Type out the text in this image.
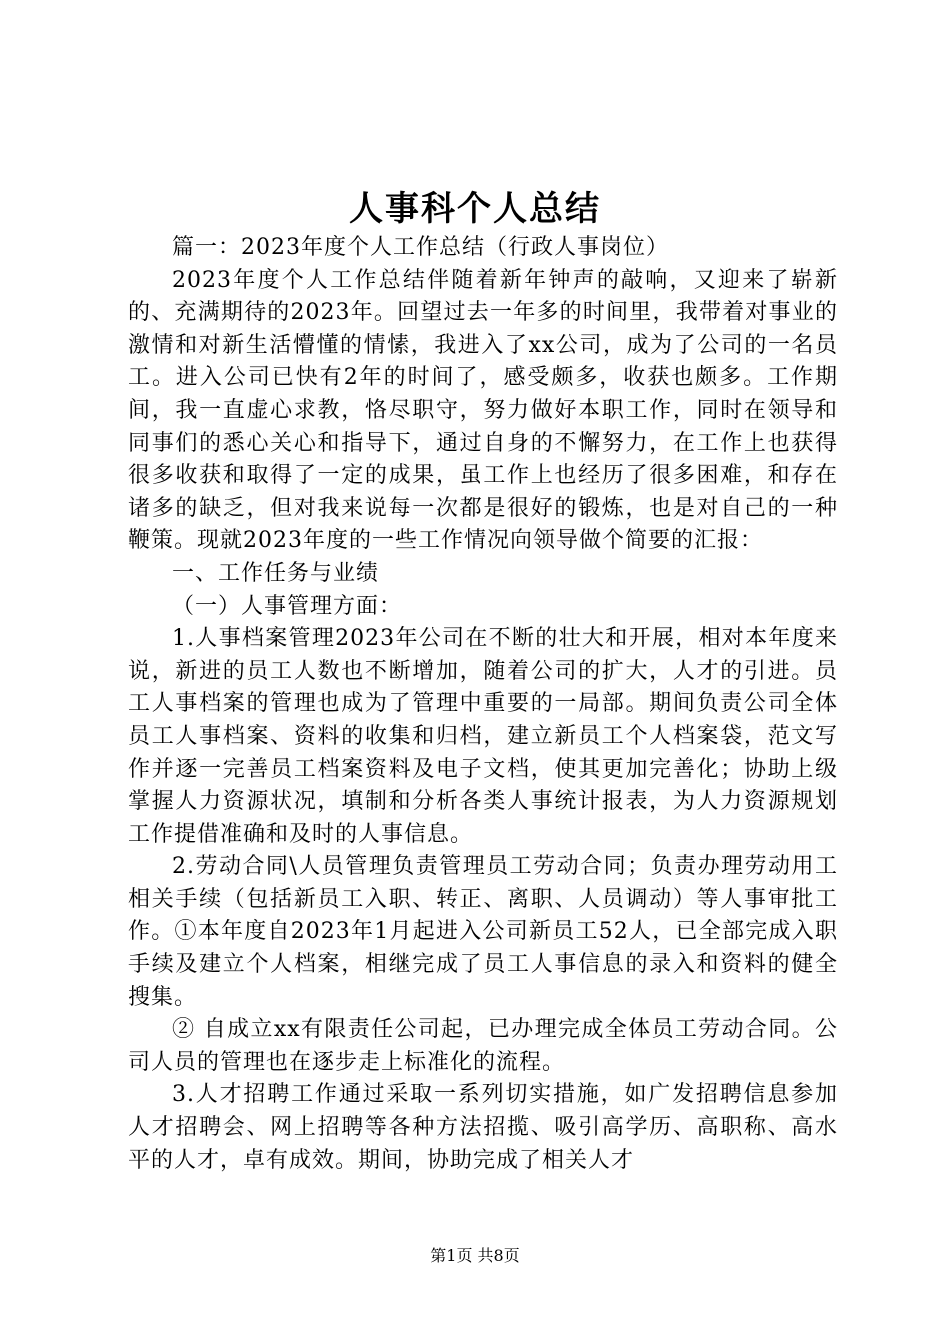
人事科个人总结

篇一：2023年度个人工作总结（行政人事岗位）

2023年度个人工作总结伴随着新年钟声的敲响，又迎来了崭新的、充满期待的2023年。回望过去一年多的时间里，我带着对事业的激情和对新生活懵懂的情愫，我进入了xx公司，成为了公司的一名员工。进入公司已快有2年的时间了，感受颇多，收获也颇多。工作期间，我一直虚心求教，恪尽职守，努力做好本职工作，同时在领导和同事们的悉心关心和指导下，通过自身的不懈努力，在工作上也获得很多收获和取得了一定的成果，虽工作上也经历了很多困难，和存在诸多的缺乏，但对我来说每一次都是很好的锻炼，也是对自己的一种鞭策。现就2023年度的一些工作情况向领导做个简要的汇报：

一、工作任务与业绩

（一）人事管理方面：

1.人事档案管理2023年公司在不断的壮大和开展，相对本年度来说，新进的员工人数也不断增加，随着公司的扩大，人才的引进。员工人事档案的管理也成为了管理中重要的一局部。期间负责公司全体员工人事档案、资料的收集和归档，建立新员工个人档案袋，范文写作并逐一完善员工档案资料及电子文档，使其更加完善化；协助上级掌握人力资源状况，填制和分析各类人事统计报表，为人力资源规划工作提借准确和及时的人事信息。

2.劳动合同\人员管理负责管理员工劳动合同；负责办理劳动用工相关手续（包括新员工入职、转正、离职、人员调动）等人事审批工作。①本年度自2023年1月起进入公司新员工52人，已全部完成入职手续及建立个人档案，相继完成了员工人事信息的录入和资料的健全搜集。

② 自成立xx有限责任公司起，已办理完成全体员工劳动合同。公司人员的管理也在逐步走上标准化的流程。

3.人才招聘工作通过采取一系列切实措施，如广发招聘信息参加人才招聘会、网上招聘等各种方法招揽、吸引高学历、高职称、高水平的人才，卓有成效。期间，协助完成了相关人才

第1页 共8页
